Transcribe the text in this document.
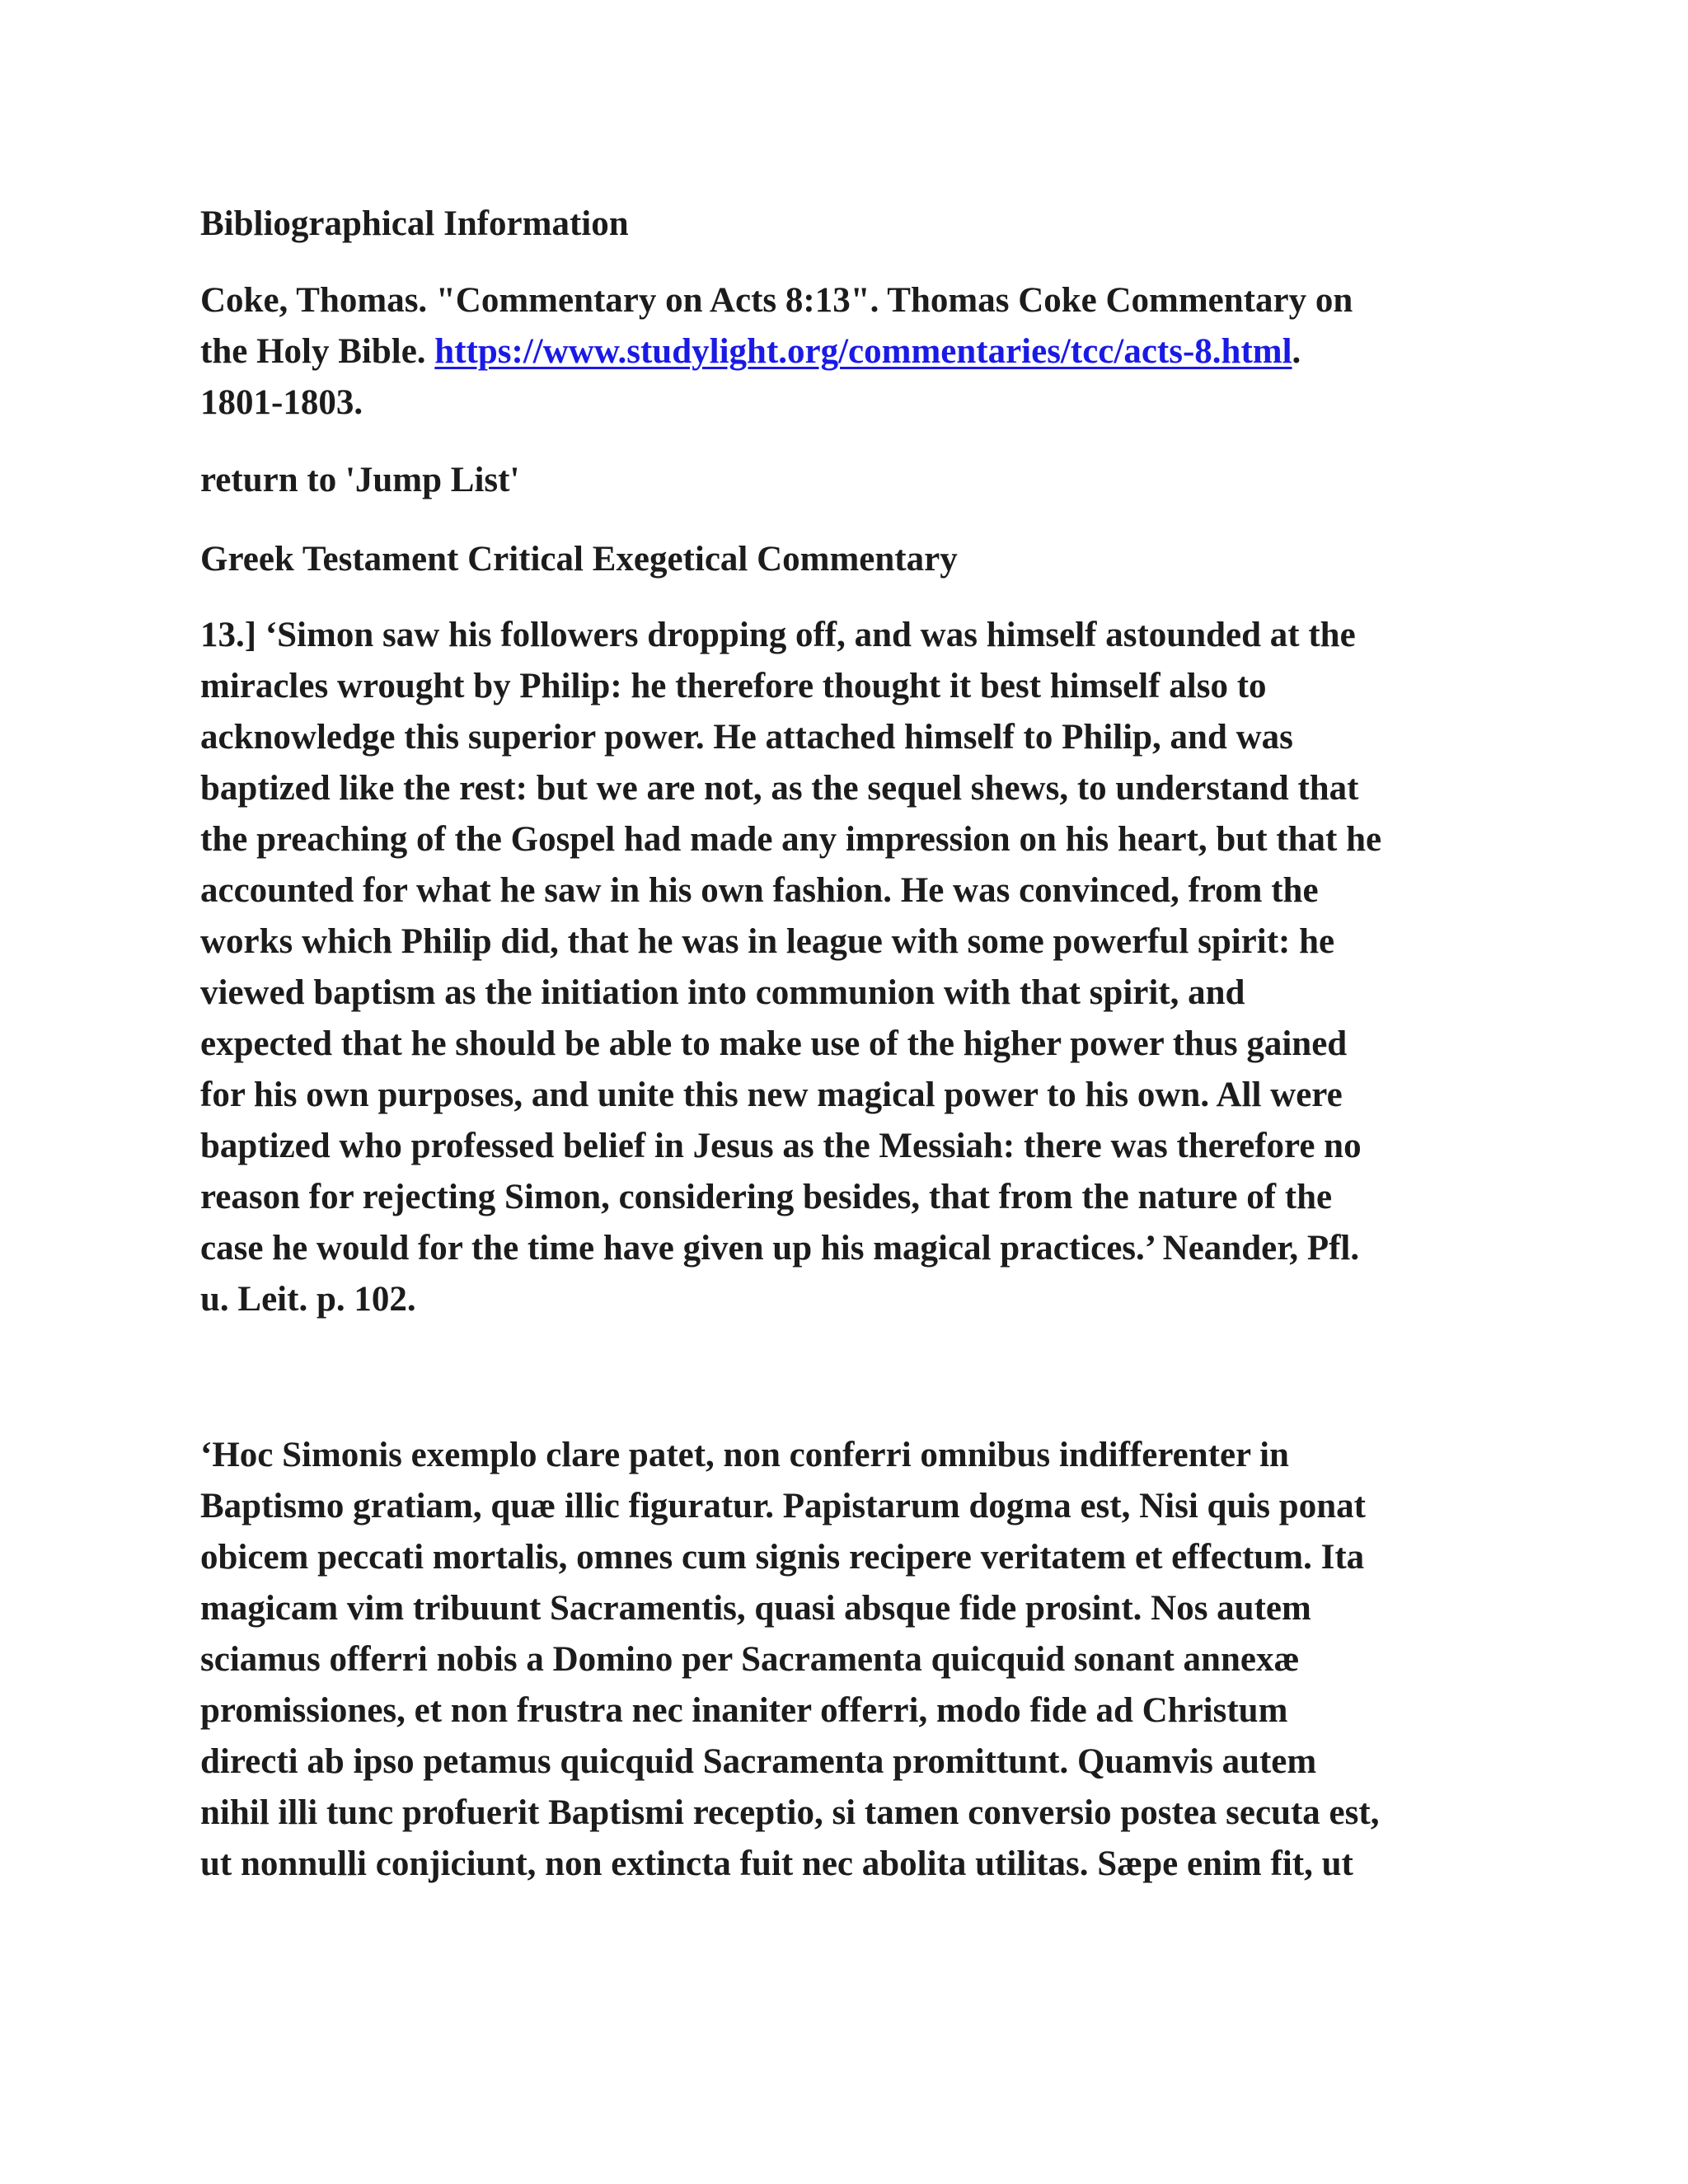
Bibliographical Information

Coke, Thomas. "Commentary on Acts 8:13". Thomas Coke Commentary on
the Holy Bible. https://www.studylight.org/commentaries/tcc/acts-8.html.
1801-1803.

return to 'Jump List'

Greek Testament Critical Exegetical Commentary

13.] ‘Simon saw his followers dropping off, and was himself astounded at the
miracles wrought by Philip: he therefore thought it best himself also to
acknowledge this superior power. He attached himself to Philip, and was
baptized like the rest: but we are not, as the sequel shews, to understand that
the preaching of the Gospel had made any impression on his heart, but that he
accounted for what he saw in his own fashion. He was convinced, from the
works which Philip did, that he was in league with some powerful spirit: he
viewed baptism as the initiation into communion with that spirit, and
expected that he should be able to make use of the higher power thus gained
for his own purposes, and unite this new magical power to his own. All were
baptized who professed belief in Jesus as the Messiah: there was therefore no
reason for rejecting Simon, considering besides, that from the nature of the
case he would for the time have given up his magical practices.’ Neander, Pfl.
u. Leit. p. 102.

‘Hoc Simonis exemplo clare patet, non conferri omnibus indifferenter in
Baptismo gratiam, quæ illic figuratur. Papistarum dogma est, Nisi quis ponat
obicem peccati mortalis, omnes cum signis recipere veritatem et effectum. Ita
magicam vim tribuunt Sacramentis, quasi absque fide prosint. Nos autem
sciamus offerri nobis a Domino per Sacramenta quicquid sonant annexæ
promissiones, et non frustra nec inaniter offerri, modo fide ad Christum
directi ab ipso petamus quicquid Sacramenta promittunt. Quamvis autem
nihil illi tunc profuerit Baptismi receptio, si tamen conversio postea secuta est,
ut nonnulli conjiciunt, non extincta fuit nec abolita utilitas. Sæpe enim fit, ut
